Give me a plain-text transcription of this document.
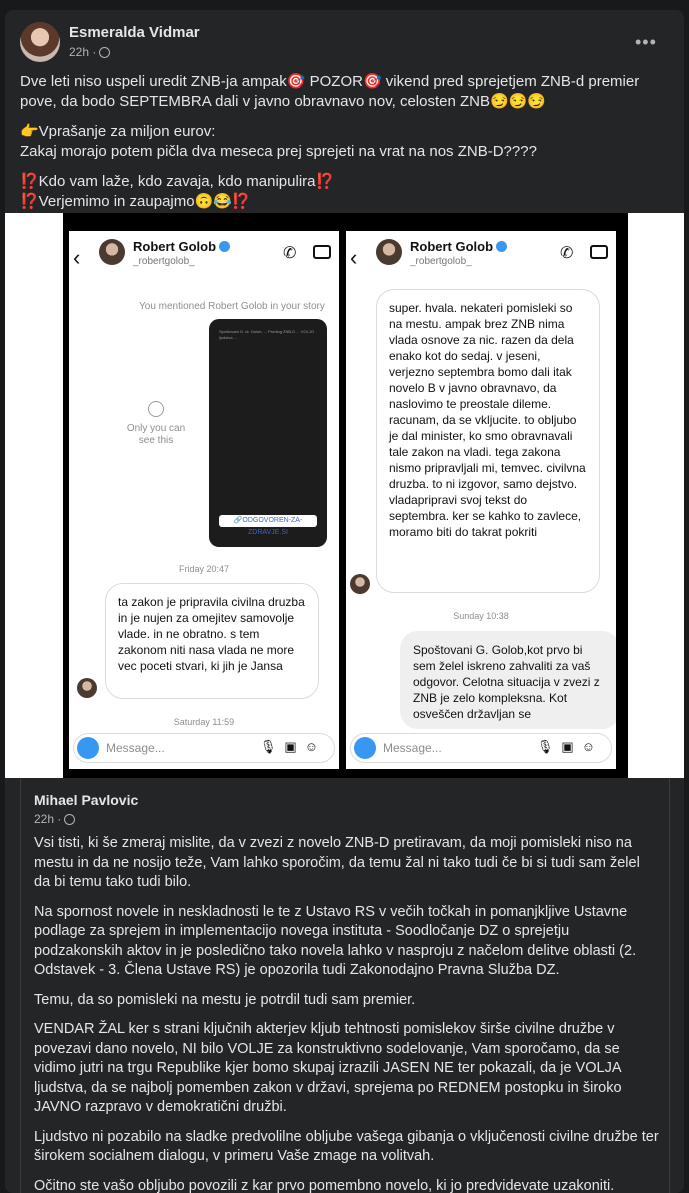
Esmeralda Vidmar
22h ·	•••

Dve leti niso uspeli uredit ZNB-ja ampak🎯 POZOR🎯 vikend pred sprejetjem ZNB-d premier pove, da bodo SEPTEMBRA dali v javno obravnavo nov, celosten ZNB😏😏😏

👉Vprašanje za miljon eurov:
Zakaj morajo potem pičla dva meseca prej sprejeti na vrat na nos ZNB-D????

⁉️Kdo vam laže, kdo zavaja, kdo manipulira⁉️
⁉️Verjemimo in zaupajmo🙃😂⁉️

‹	Robert Golob
_robertgolob_	✆
You mentioned Robert Golob in your story
Spoštovani G. dr. Golob, ... Predlog ZNB-D ... VOLJO ljudstva ...
🔗ODGOVOREN-ZA-ZDRAVJE.SI
Only you can see this
Friday 20:47
ta zakon je pripravila civilna druzba in je nujen za omejitev samovolje vlade. in ne obratno. s tem zakonom niti nasa vlada ne more vec poceti stvari, ki jih je Jansa
Saturday 11:59
Message...	🎙▣☺
‹	Robert Golob
_robertgolob_	✆
super. hvala. nekateri pomisleki so na mestu. ampak brez ZNB nima vlada osnove za nic. razen da dela enako kot do sedaj. v jeseni, verjezno septembra bomo dali itak novelo B v javno obravnavo, da naslovimo te preostale dileme. racunam, da se vkljucite. to obljubo je dal minister, ko smo obravnavali tale zakon na vladi. tega zakona nismo pripravljali mi, temvec. civilvna druzba. to ni izgovor, samo dejstvo. vladapripravi svoj tekst do septembra. ker se kahko to zavlece, moramo biti do takrat pokriti
Sunday 10:38
Spoštovani G. Golob,kot prvo bi sem želel iskreno zahvaliti za vaš odgovor. Celotna situacija v zvezi z ZNB je zelo kompleksna. Kot osveščen državljan se
Message...	🎙▣☺
Mihael Pavlovic
22h ·

Vsi tisti, ki še zmeraj mislite, da v zvezi z novelo ZNB-D pretiravam, da moji pomisleki niso na mestu in da ne nosijo teže, Vam lahko sporočim, da temu žal ni tako tudi če bi si tudi sam želel da bi temu tako tudi bilo.

Na spornost novele in neskladnosti le te z Ustavo RS v večih točkah in pomanjkljive Ustavne podlage za sprejem in implementacijo novega instituta - Soodločanje DZ o sprejetju podzakonskih aktov in je posledično tako novela lahko v nasproju z načelom delitve oblasti (2. Odstavek - 3. Člena Ustave RS) je opozorila tudi Zakonodajno Pravna Služba DZ.

Temu, da so pomisleki na mestu je potrdil tudi sam premier.

VENDAR ŽAL ker s strani ključnih akterjev kljub tehtnosti pomislekov širše civilne družbe v povezavi dano novelo, NI bilo VOLJE za konstruktivno sodelovanje, Vam sporočamo, da se vidimo jutri na trgu Republike kjer bomo skupaj izrazili JASEN NE ter pokazali, da je VOLJA ljudstva, da se najbolj pomemben zakon v državi, sprejema po REDNEM postopku in široko JAVNO razpravo v demokratični družbi.

Ljudstvo ni pozabilo na sladke predvolilne obljube vašega gibanja o vključenosti civilne družbe ter širokem socialnem dialogu, v primeru Vaše zmage na volitvah.

Očitno ste vašo obljubo povozili z kar prvo pomembno novelo, ki jo predvidevate uzakoniti.
